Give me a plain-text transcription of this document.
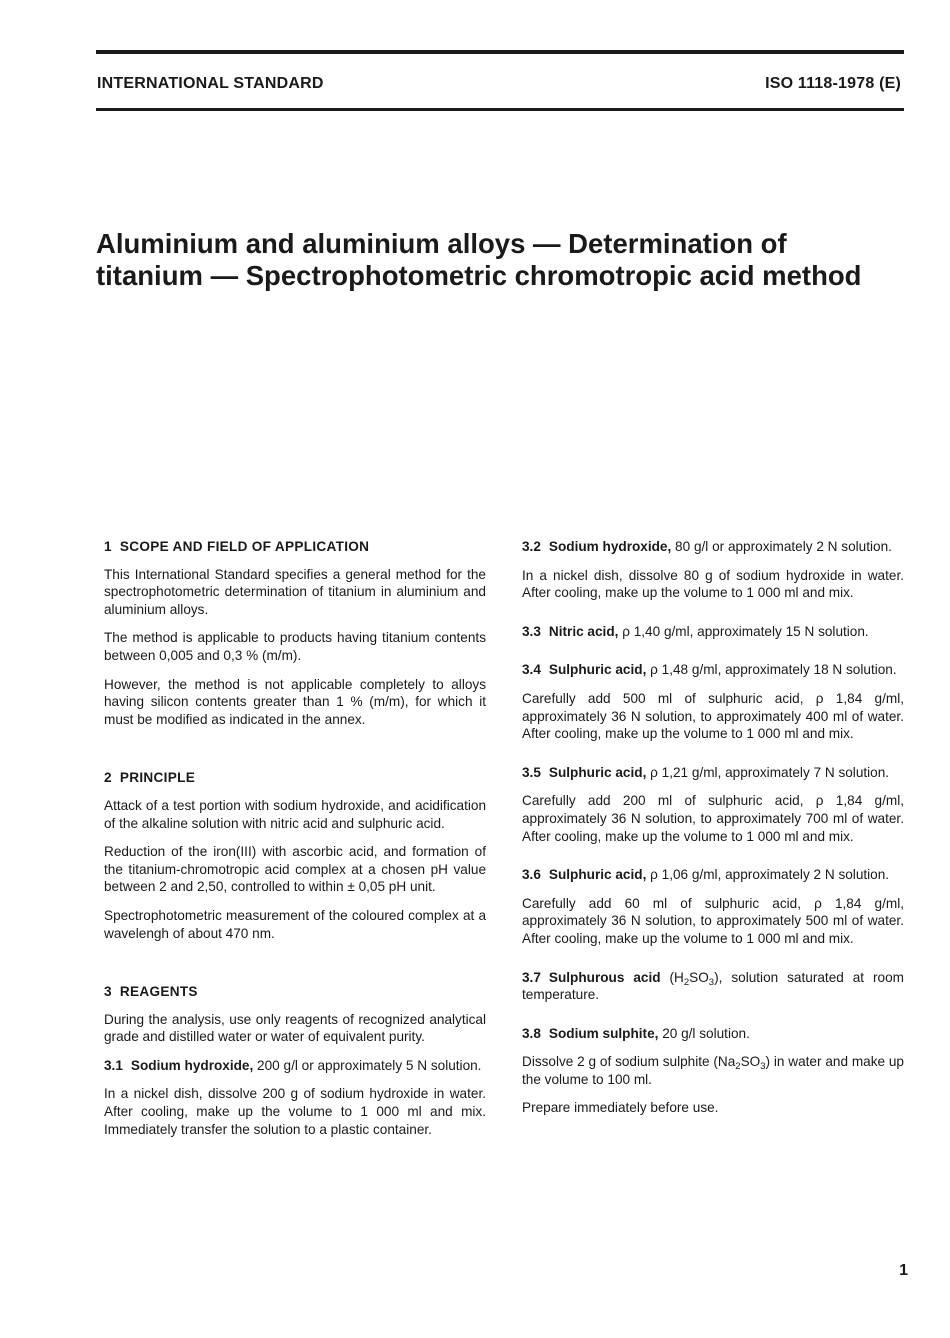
INTERNATIONAL STANDARD	ISO 1118-1978 (E)
Aluminium and aluminium alloys — Determination of
titanium — Spectrophotometric chromotropic acid method
1 SCOPE AND FIELD OF APPLICATION

This International Standard specifies a general method for the spectrophotometric determination of titanium in aluminium and aluminium alloys.

The method is applicable to products having titanium contents between 0,005 and 0,3 % (m/m).

However, the method is not applicable completely to alloys having silicon contents greater than 1 % (m/m), for which it must be modified as indicated in the annex.

2 PRINCIPLE

Attack of a test portion with sodium hydroxide, and acidification of the alkaline solution with nitric acid and sulphuric acid.

Reduction of the iron(III) with ascorbic acid, and formation of the titanium-chromotropic acid complex at a chosen pH value between 2 and 2,50, controlled to within ± 0,05 pH unit.

Spectrophotometric measurement of the coloured complex at a wavelengh of about 470 nm.

3 REAGENTS

During the analysis, use only reagents of recognized analytical grade and distilled water or water of equivalent purity.

3.1 Sodium hydroxide, 200 g/l or approximately 5 N solution.

In a nickel dish, dissolve 200 g of sodium hydroxide in water. After cooling, make up the volume to 1 000 ml and mix. Immediately transfer the solution to a plastic container.

3.2 Sodium hydroxide, 80 g/l or approximately 2 N solution.

In a nickel dish, dissolve 80 g of sodium hydroxide in water. After cooling, make up the volume to 1 000 ml and mix.

3.3 Nitric acid, ρ 1,40 g/ml, approximately 15 N solution.

3.4 Sulphuric acid, ρ 1,48 g/ml, approximately 18 N solution.

Carefully add 500 ml of sulphuric acid, ρ 1,84 g/ml, approximately 36 N solution, to approximately 400 ml of water. After cooling, make up the volume to 1 000 ml and mix.

3.5 Sulphuric acid, ρ 1,21 g/ml, approximately 7 N solution.

Carefully add 200 ml of sulphuric acid, ρ 1,84 g/ml, approximately 36 N solution, to approximately 700 ml of water. After cooling, make up the volume to 1 000 ml and mix.

3.6 Sulphuric acid, ρ 1,06 g/ml, approximately 2 N solution.

Carefully add 60 ml of sulphuric acid, ρ 1,84 g/ml, approximately 36 N solution, to approximately 500 ml of water. After cooling, make up the volume to 1 000 ml and mix.

3.7 Sulphurous acid $(H_2SO_3)$, solution saturated at room temperature.

3.8 Sodium sulphite, 20 g/l solution.

Dissolve 2 g of sodium sulphite $(Na_2SO_3)$ in water and make up the volume to 100 ml.

Prepare immediately before use.

1
